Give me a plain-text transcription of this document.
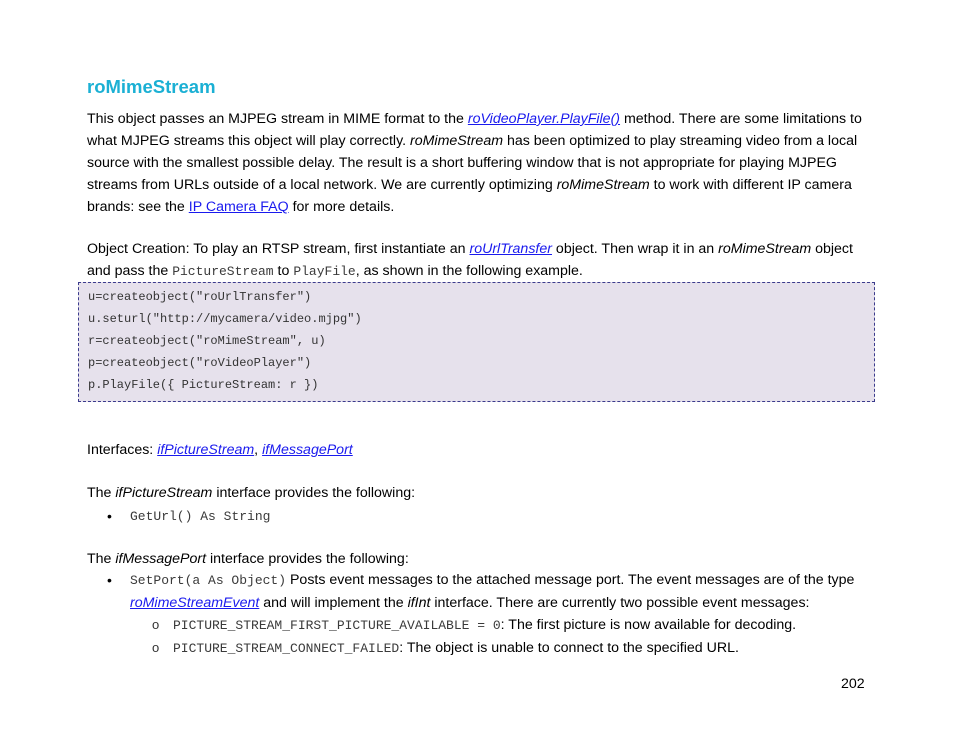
roMimeStream

This object passes an MJPEG stream in MIME format to the roVideoPlayer.PlayFile() method. There are some limitations to what MJPEG streams this object will play correctly. roMimeStream has been optimized to play streaming video from a local source with the smallest possible delay. The result is a short buffering window that is not appropriate for playing MJPEG streams from URLs outside of a local network. We are currently optimizing roMimeStream to work with different IP camera brands: see the IP Camera FAQ for more details.

Object Creation: To play an RTSP stream, first instantiate an roUrlTransfer object. Then wrap it in an roMimeStream object and pass the PictureStream to PlayFile, as shown in the following example.

Interfaces: ifPictureStream, ifMessagePort

The ifPictureStream interface provides the following:

• GetUrl() As String

The ifMessagePort interface provides the following:

• SetPort(a As Object) Posts event messages to the attached message port. The event messages are of the type roMimeStreamEvent and will implement the ifInt interface. There are currently two possible event messages:
o PICTURE_STREAM_FIRST_PICTURE_AVAILABLE = 0: The first picture is now available for decoding.
o PICTURE_STREAM_CONNECT_FAILED: The object is unable to connect to the specified URL.
u=createobject("roUrlTransfer")
u.seturl("http://mycamera/video.mjpg")
r=createobject("roMimeStream", u)
p=createobject("roVideoPlayer")
p.PlayFile({ PictureStream: r })
202
